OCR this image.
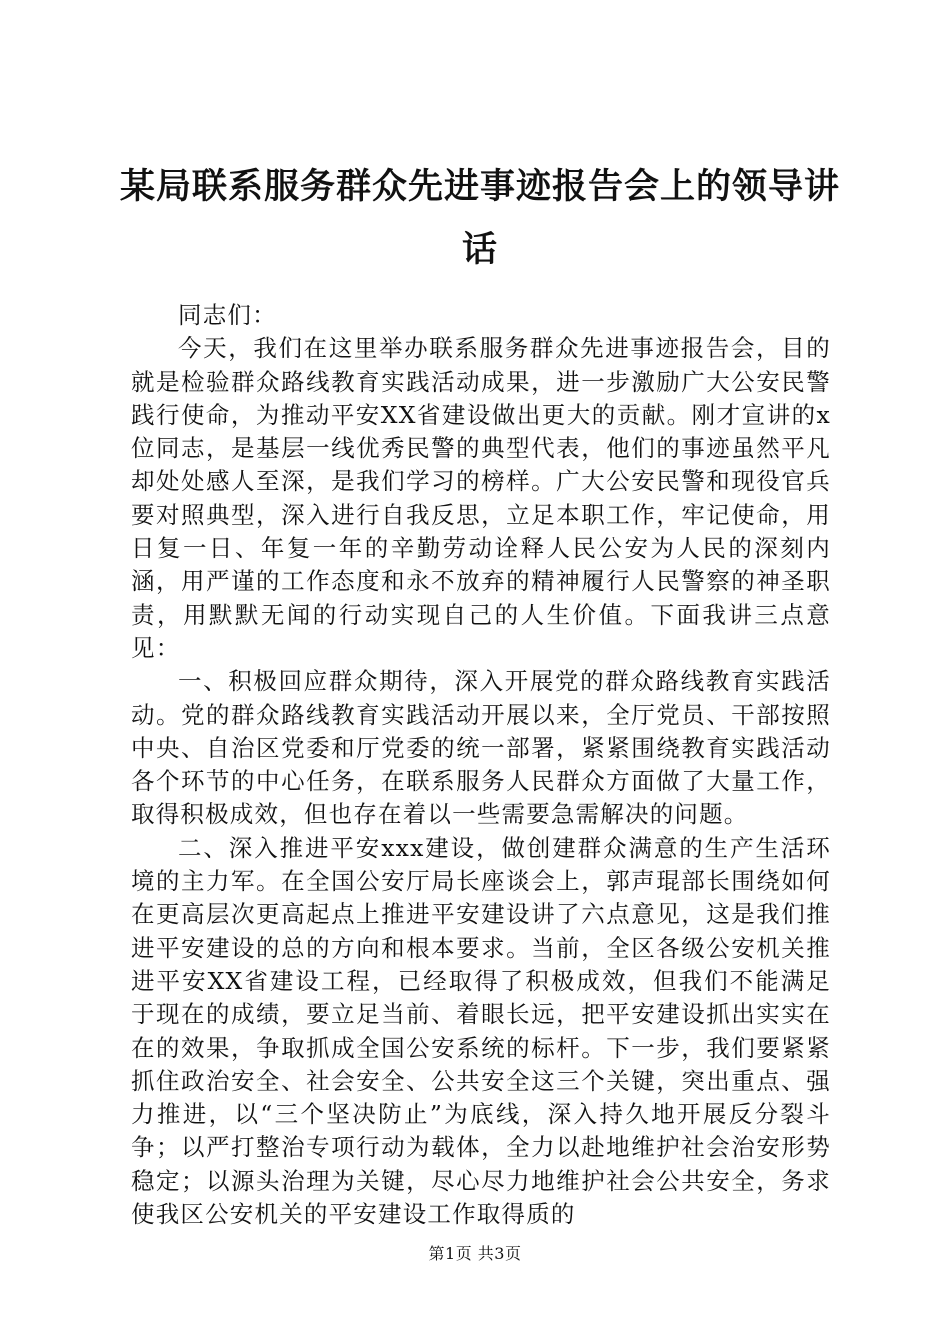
某局联系服务群众先进事迹报告会上的领导讲话

同志们：

今天，我们在这里举办联系服务群众先进事迹报告会，目的就是检验群众路线教育实践活动成果，进一步激励广大公安民警践行使命，为推动平安XX省建设做出更大的贡献。刚才宣讲的x位同志，是基层一线优秀民警的典型代表，他们的事迹虽然平凡却处处感人至深，是我们学习的榜样。广大公安民警和现役官兵要对照典型，深入进行自我反思，立足本职工作，牢记使命，用日复一日、年复一年的辛勤劳动诠释人民公安为人民的深刻内涵，用严谨的工作态度和永不放弃的精神履行人民警察的神圣职责，用默默无闻的行动实现自己的人生价值。下面我讲三点意见：

一、积极回应群众期待，深入开展党的群众路线教育实践活动。党的群众路线教育实践活动开展以来，全厅党员、干部按照中央、自治区党委和厅党委的统一部署，紧紧围绕教育实践活动各个环节的中心任务，在联系服务人民群众方面做了大量工作，取得积极成效，但也存在着以一些需要急需解决的问题。

二、深入推进平安xxx建设，做创建群众满意的生产生活环境的主力军。在全国公安厅局长座谈会上，郭声琨部长围绕如何在更高层次更高起点上推进平安建设讲了六点意见，这是我们推进平安建设的总的方向和根本要求。当前，全区各级公安机关推进平安XX省建设工程，已经取得了积极成效，但我们不能满足于现在的成绩，要立足当前、着眼长远，把平安建设抓出实实在在的效果，争取抓成全国公安系统的标杆。下一步，我们要紧紧抓住政治安全、社会安全、公共安全这三个关键，突出重点、强力推进，以“三个坚决防止”为底线，深入持久地开展反分裂斗争；以严打整治专项行动为载体，全力以赴地维护社会治安形势稳定；以源头治理为关键，尽心尽力地维护社会公共安全，务求使我区公安机关的平安建设工作取得质的

第1页 共3页
